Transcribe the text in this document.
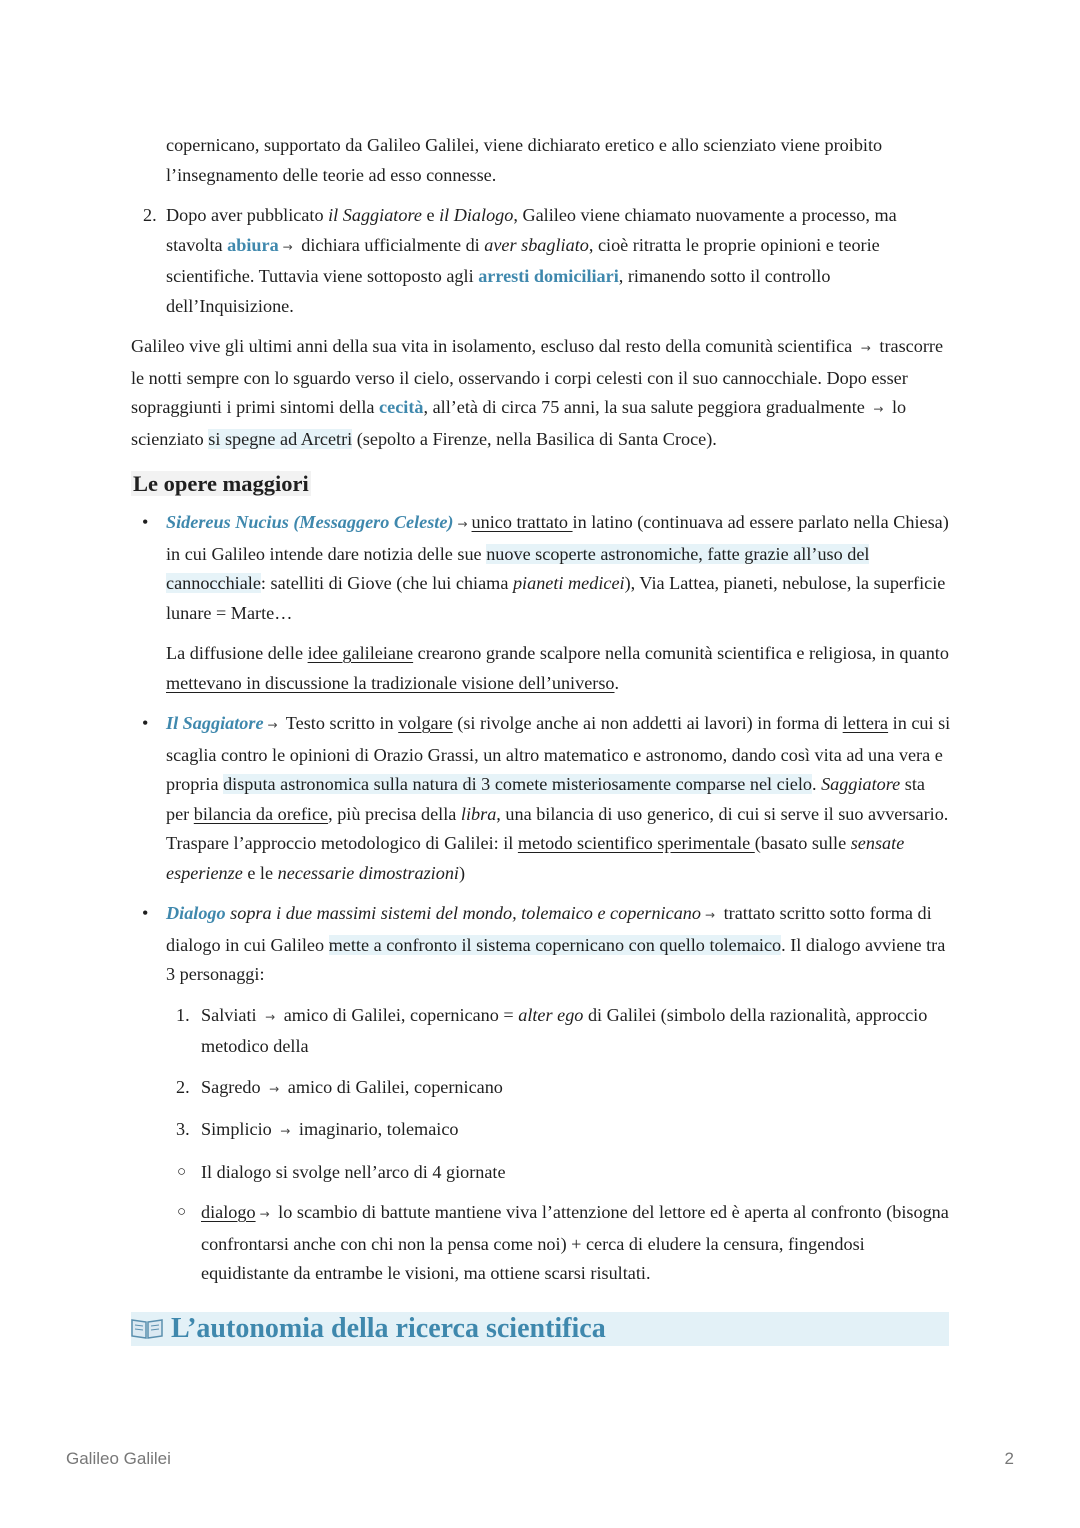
copernicano, supportato da Galileo Galilei, viene dichiarato eretico e allo scienziato viene proibito l’insegnamento delle teorie ad esso connesse.

2. Dopo aver pubblicato il Saggiatore e il Dialogo, Galileo viene chiamato nuovamente a processo, ma stavolta abiura → dichiara ufficialmente di aver sbagliato, cioè ritratta le proprie opinioni e teorie scientifiche. Tuttavia viene sottoposto agli arresti domiciliari, rimanendo sotto il controllo dell’Inquisizione.

Galileo vive gli ultimi anni della sua vita in isolamento, escluso dal resto della comunità scientifica → trascorre le notti sempre con lo sguardo verso il cielo, osservando i corpi celesti con il suo cannocchiale. Dopo esser sopraggiunti i primi sintomi della cecità, all’età di circa 75 anni, la sua salute peggiora gradualmente → lo scienziato si spegne ad Arcetri (sepolto a Firenze, nella Basilica di Santa Croce).

Le opere maggiori
• Sidereus Nucius (Messaggero Celeste) → unico trattato in latino (continuava ad essere parlato nella Chiesa) in cui Galileo intende dare notizia delle sue nuove scoperte astronomiche, fatte grazie all’uso del cannocchiale: satelliti di Giove (che lui chiama pianeti medicei), Via Lattea, pianeti, nebulose, la superficie lunare = Marte…

La diffusione delle idee galileiane crearono grande scalpore nella comunità scientifica e religiosa, in quanto mettevano in discussione la tradizionale visione dell’universo.

• Il Saggiatore → Testo scritto in volgare (si rivolge anche ai non addetti ai lavori) in forma di lettera in cui si scaglia contro le opinioni di Orazio Grassi, un altro matematico e astronomo, dando così vita ad una vera e propria disputa astronomica sulla natura di 3 comete misteriosamente comparse nel cielo. Saggiatore sta per bilancia da orefice, più precisa della libra, una bilancia di uso generico, di cui si serve il suo avversario. Traspare l’approccio metodologico di Galilei: il metodo scientifico sperimentale (basato sulle sensate esperienze e le necessarie dimostrazioni)
• Dialogo sopra i due massimi sistemi del mondo, tolemaico e copernicano → trattato scritto sotto forma di dialogo in cui Galileo mette a confronto il sistema copernicano con quello tolemaico. Il dialogo avviene tra 3 personaggi:
1. Salviati → amico di Galilei, copernicano = alter ego di Galilei (simbolo della razionalità, approccio metodico della
2. Sagredo → amico di Galilei, copernicano
3. Simplicio → imaginario, tolemaico
○ Il dialogo si svolge nell’arco di 4 giornate
○ dialogo → lo scambio di battute mantiene viva l’attenzione del lettore ed è aperta al confronto (bisogna confrontarsi anche con chi non la pensa come noi) + cerca di eludere la censura, fingendosi equidistante da entrambe le visioni, ma ottiene scarsi risultati.
L’autonomia della ricerca scientifica
Galileo Galilei	2
